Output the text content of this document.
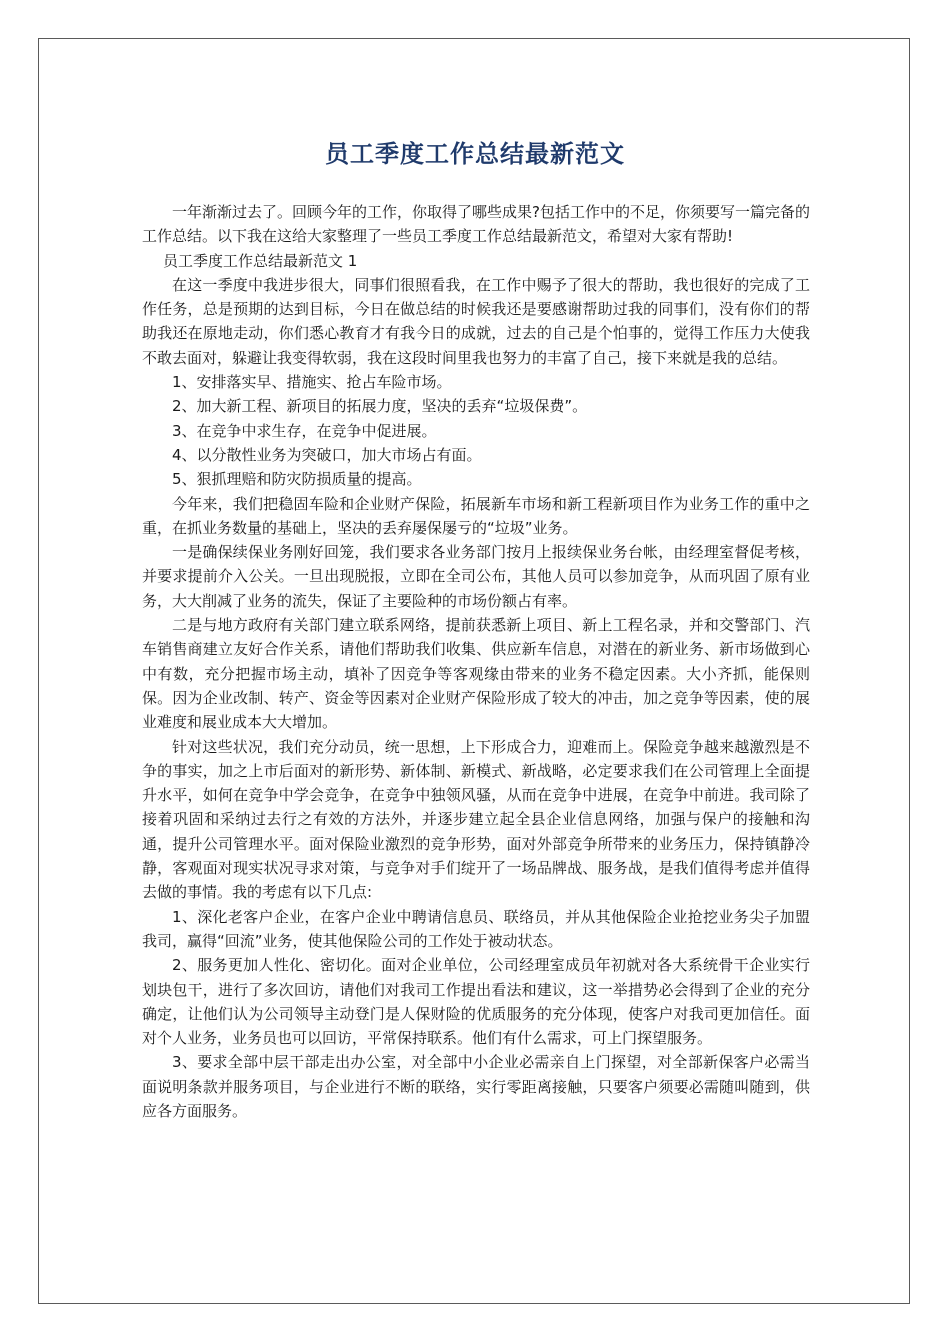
员工季度工作总结最新范文

一年渐渐过去了。回顾今年的工作，你取得了哪些成果?包括工作中的不足，你须要写一篇完备的工作总结。以下我在这给大家整理了一些员工季度工作总结最新范文，希望对大家有帮助!

员工季度工作总结最新范文 1

在这一季度中我进步很大，同事们很照看我，在工作中赐予了很大的帮助，我也很好的完成了工作任务，总是预期的达到目标，今日在做总结的时候我还是要感谢帮助过我的同事们，没有你们的帮助我还在原地走动，你们悉心教育才有我今日的成就，过去的自己是个怕事的，觉得工作压力大使我不敢去面对，躲避让我变得软弱，我在这段时间里我也努力的丰富了自己，接下来就是我的总结。

1、安排落实早、措施实、抢占车险市场。

2、加大新工程、新项目的拓展力度，坚决的丢弃“垃圾保费”。

3、在竞争中求生存，在竞争中促进展。

4、以分散性业务为突破口，加大市场占有面。

5、狠抓理赔和防灾防损质量的提高。

今年来，我们把稳固车险和企业财产保险，拓展新车市场和新工程新项目作为业务工作的重中之重，在抓业务数量的基础上，坚决的丢弃屡保屡亏的“垃圾”业务。

一是确保续保业务刚好回笼，我们要求各业务部门按月上报续保业务台帐，由经理室督促考核，并要求提前介入公关。一旦出现脱报，立即在全司公布，其他人员可以参加竞争，从而巩固了原有业务，大大削减了业务的流失，保证了主要险种的市场份额占有率。

二是与地方政府有关部门建立联系网络，提前获悉新上项目、新上工程名录，并和交警部门、汽车销售商建立友好合作关系，请他们帮助我们收集、供应新车信息，对潜在的新业务、新市场做到心中有数，充分把握市场主动，填补了因竞争等客观缘由带来的业务不稳定因素。大小齐抓，能保则保。因为企业改制、转产、资金等因素对企业财产保险形成了较大的冲击，加之竞争等因素，使的展业难度和展业成本大大增加。

针对这些状况，我们充分动员，统一思想，上下形成合力，迎难而上。保险竞争越来越激烈是不争的事实，加之上市后面对的新形势、新体制、新模式、新战略，必定要求我们在公司管理上全面提升水平，如何在竞争中学会竞争，在竞争中独领风骚，从而在竞争中进展，在竞争中前进。我司除了接着巩固和采纳过去行之有效的方法外，并逐步建立起全县企业信息网络，加强与保户的接触和沟通，提升公司管理水平。面对保险业激烈的竞争形势，面对外部竞争所带来的业务压力，保持镇静冷静，客观面对现实状况寻求对策，与竞争对手们绽开了一场品牌战、服务战，是我们值得考虑并值得去做的事情。我的考虑有以下几点:

1、深化老客户企业，在客户企业中聘请信息员、联络员，并从其他保险企业抢挖业务尖子加盟我司，赢得“回流”业务，使其他保险公司的工作处于被动状态。

2、服务更加人性化、密切化。面对企业单位，公司经理室成员年初就对各大系统骨干企业实行划块包干，进行了多次回访，请他们对我司工作提出看法和建议，这一举措势必会得到了企业的充分确定，让他们认为公司领导主动登门是人保财险的优质服务的充分体现，使客户对我司更加信任。面对个人业务，业务员也可以回访，平常保持联系。他们有什么需求，可上门探望服务。

3、要求全部中层干部走出办公室，对全部中小企业必需亲自上门探望，对全部新保客户必需当面说明条款并服务项目，与企业进行不断的联络，实行零距离接触，只要客户须要必需随叫随到，供应各方面服务。
